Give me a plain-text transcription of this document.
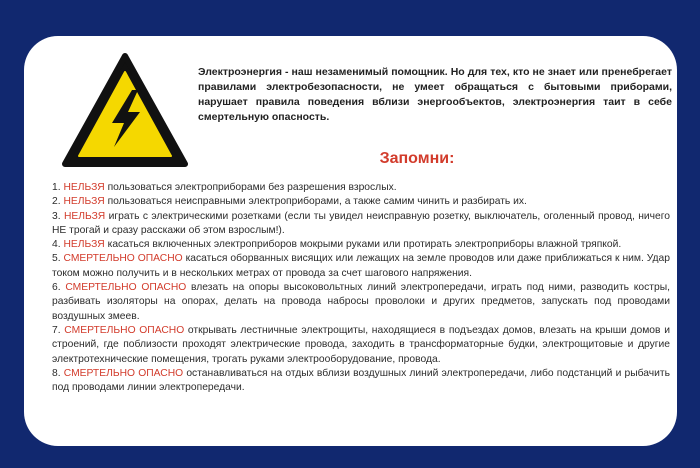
Электроэнергия - наш незаменимый помощник. Но для тех, кто не знает или пренебрегает правилами электробезопасности, не умеет обращаться с бытовыми приборами, нарушает правила поведения вблизи энергообъектов, электроэнергия таит в себе смертельную опасность.

Запомни:
1. НЕЛЬЗЯ пользоваться электроприборами без разрешения взрослых.
2. НЕЛЬЗЯ пользоваться неисправными электроприборами, а также самим чинить и разбирать их.
3. НЕЛЬЗЯ играть с электрическими розетками (если ты увидел неисправную розетку, выключатель, оголенный провод, ничего НЕ трогай и сразу расскажи об этом взрослым!).
4. НЕЛЬЗЯ касаться включенных электроприборов мокрыми руками или протирать электроприборы влажной тряпкой.
5. СМЕРТЕЛЬНО ОПАСНО касаться оборванных висящих или лежащих на земле проводов или даже приближаться к ним. Удар током можно получить и в нескольких метрах от провода за счет шагового напряжения.
6. СМЕРТЕЛЬНО ОПАСНО влезать на опоры высоковольтных линий электропередачи, играть под ними, разводить костры, разбивать изоляторы на опорах, делать на провода набросы проволоки и других предметов, запускать под проводами воздушных змеев.
7. СМЕРТЕЛЬНО ОПАСНО открывать лестничные электрощиты, находящиеся в подъездах домов, влезать на крыши домов и строений, где поблизости проходят электрические провода, заходить в трансформаторные будки, электрощитовые и другие электротехнические помещения, трогать руками электрооборудование, провода.
8. СМЕРТЕЛЬНО ОПАСНО останавливаться на отдых вблизи воздушных линий электропередачи, либо подстанций и рыбачить под проводами линии электропередачи.
